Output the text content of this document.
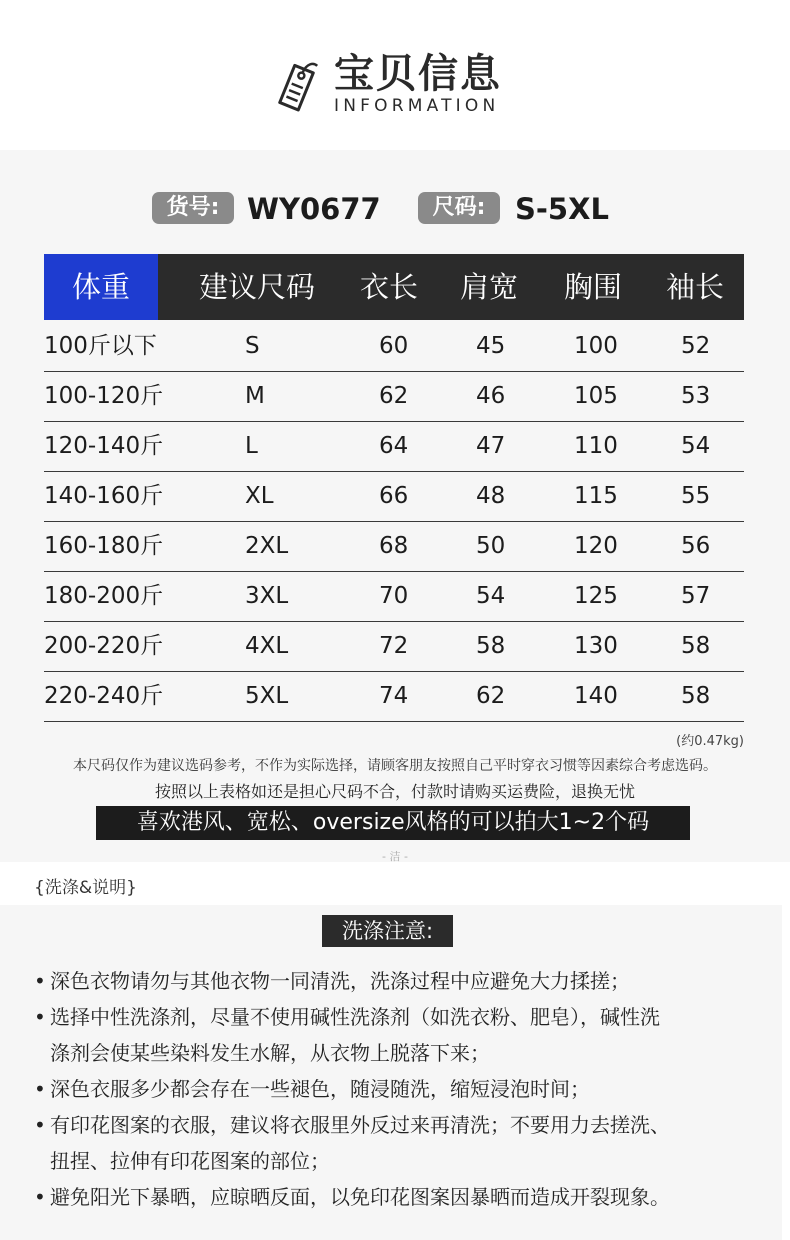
宝贝信息
INFORMATION
货号: WY0677	尺码:	S-5XL
体重	建议尺码 衣长 肩宽 胸围 袖长
100斤以下	S	60	45	100	52
100-120斤	M	62	46	105	53
120-140斤	L	64	47	110	54
140-160斤	XL	66	48	115	55
160-180斤	2XL	68	50	120	56
180-200斤	3XL	70	54	125	57
200-220斤	4XL	72	58	130	58
220-240斤	5XL	74	62	140	58
(约0.47kg)
本尺码仅作为建议选码参考，不作为实际选择，请顾客朋友按照自己平时穿衣习惯等因素综合考虑选码。
按照以上表格如还是担心尺码不合，付款时请购买运费险，退换无忧
喜欢港风、宽松、oversize风格的可以拍大1~2个码
- 洁 -
{洗涤&说明}
洗涤注意:
• 深色衣物请勿与其他衣物一同清洗，洗涤过程中应避免大力揉搓；
• 选择中性洗涤剂，尽量不使用碱性洗涤剂（如洗衣粉、肥皂），碱性洗
涤剂会使某些染料发生水解，从衣物上脱落下来；
• 深色衣服多少都会存在一些褪色，随浸随洗，缩短浸泡时间；
• 有印花图案的衣服，建议将衣服里外反过来再清洗；不要用力去搓洗、
扭捏、拉伸有印花图案的部位；
• 避免阳光下暴晒，应晾晒反面，以免印花图案因暴晒而造成开裂现象。
